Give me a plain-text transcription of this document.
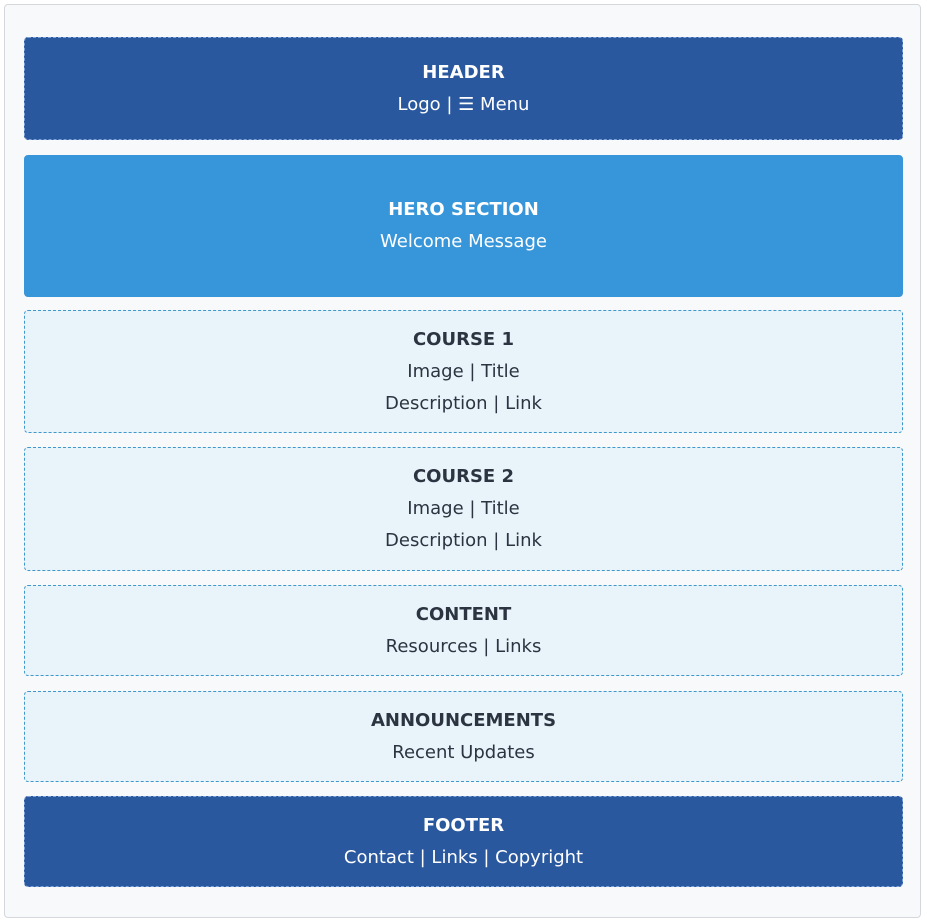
HEADER
Logo | ☰ Menu
HERO SECTION
Welcome Message
COURSE 1
Image | Title
Description | Link
COURSE 2
Image | Title
Description | Link
CONTENT
Resources | Links
ANNOUNCEMENTS
Recent Updates
FOOTER
Contact | Links | Copyright
